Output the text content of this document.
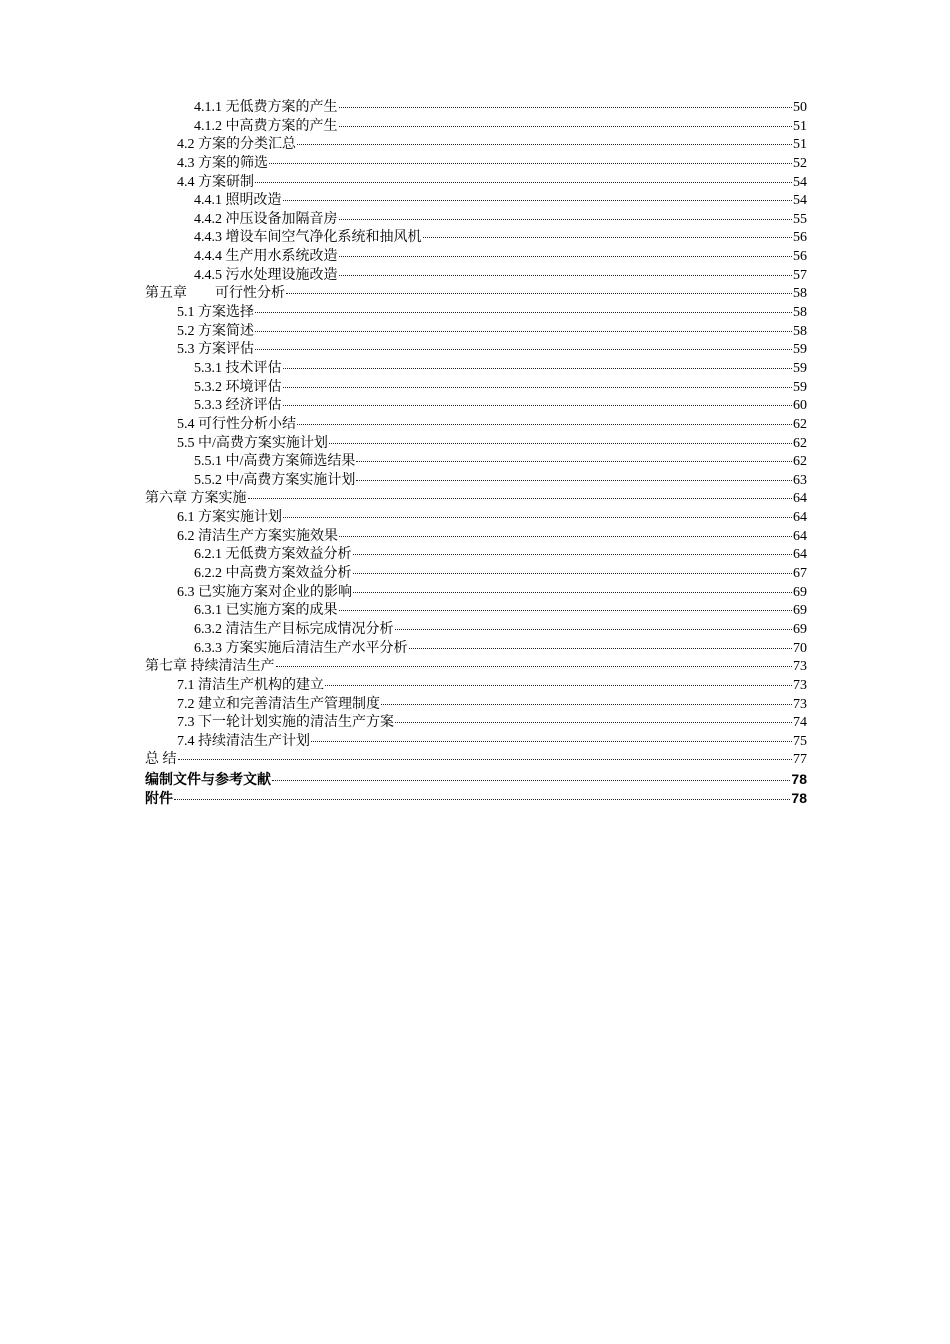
4.1.1 无低费方案的产生	50
4.1.2 中高费方案的产生	51
4.2 方案的分类汇总	51
4.3 方案的筛选	52
4.4 方案研制	54
4.4.1 照明改造	54
4.4.2 冲压设备加隔音房	55
4.4.3 增设车间空气净化系统和抽风机	56
4.4.4 生产用水系统改造	56
4.4.5 污水处理设施改造	57
第五章　　可行性分析	58
5.1 方案选择	58
5.2 方案简述	58
5.3 方案评估	59
5.3.1 技术评估	59
5.3.2 环境评估	59
5.3.3 经济评估	60
5.4 可行性分析小结	62
5.5 中/高费方案实施计划	62
5.5.1 中/高费方案筛选结果	62
5.5.2 中/高费方案实施计划	63
第六章 方案实施	64
6.1 方案实施计划	64
6.2 清洁生产方案实施效果	64
6.2.1 无低费方案效益分析	64
6.2.2 中高费方案效益分析	67
6.3 已实施方案对企业的影响	69
6.3.1 已实施方案的成果	69
6.3.2 清洁生产目标完成情况分析	69
6.3.3 方案实施后清洁生产水平分析	70
第七章 持续清洁生产	73
7.1 清洁生产机构的建立	73
7.2 建立和完善清洁生产管理制度	73
7.3 下一轮计划实施的清洁生产方案	74
7.4 持续清洁生产计划	75
总 结	77
编制文件与参考文献	78
附件	78
